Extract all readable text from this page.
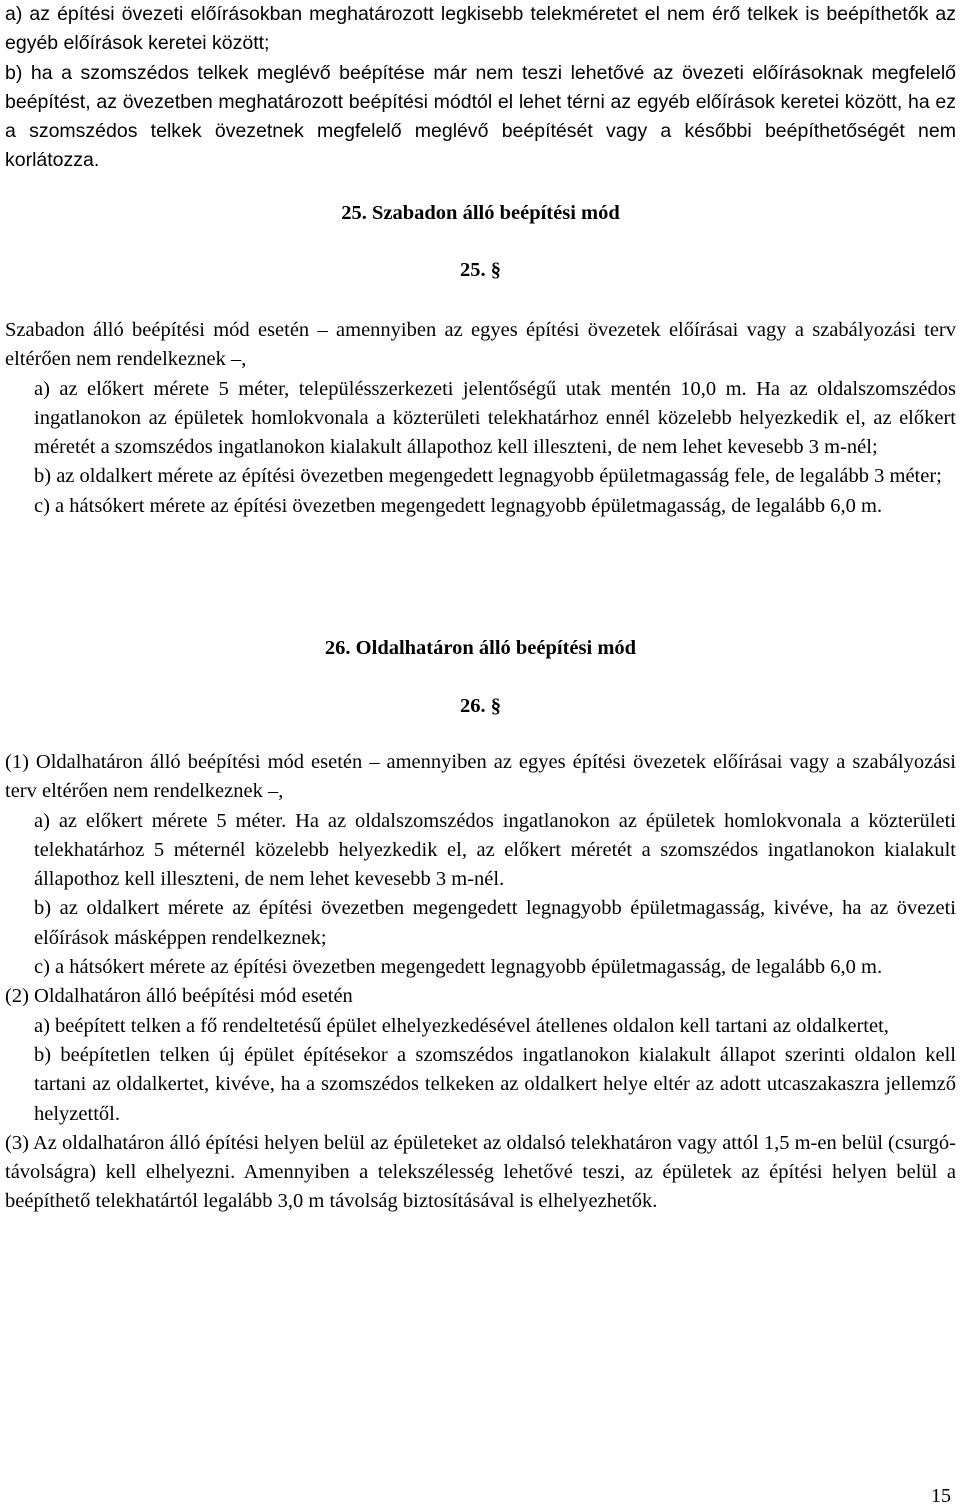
a) az építési övezeti előírásokban meghatározott legkisebb telekméretet el nem érő telkek is beépíthetők az egyéb előírások keretei között;

b) ha a szomszédos telkek meglévő beépítése már nem teszi lehetővé az övezeti előírásoknak megfelelő beépítést, az övezetben meghatározott beépítési módtól el lehet térni az egyéb előírások keretei között, ha ez a szomszédos telkek övezetnek megfelelő meglévő beépítését vagy a későbbi beépíthetőségét nem korlátozza.

25. Szabadon álló beépítési mód

25. §

Szabadon álló beépítési mód esetén – amennyiben az egyes építési övezetek előírásai vagy a szabályozási terv eltérően nem rendelkeznek –,

a) az előkert mérete 5 méter, településszerkezeti jelentőségű utak mentén 10,0 m. Ha az oldalszomszédos ingatlanokon az épületek homlokvonala a közterületi telekhatárhoz ennél közelebb helyezkedik el, az előkert méretét a szomszédos ingatlanokon kialakult állapothoz kell illeszteni, de nem lehet kevesebb 3 m-nél;

b) az oldalkert mérete az építési övezetben megengedett legnagyobb épületmagasság fele, de legalább 3 méter;

c) a hátsókert mérete az építési övezetben megengedett legnagyobb épületmagasság, de legalább 6,0 m.

26. Oldalhatáron álló beépítési mód

26. §

(1) Oldalhatáron álló beépítési mód esetén – amennyiben az egyes építési övezetek előírásai vagy a szabályozási terv eltérően nem rendelkeznek –,

a) az előkert mérete 5 méter. Ha az oldalszomszédos ingatlanokon az épületek homlokvonala a közterületi telekhatárhoz 5 méternél közelebb helyezkedik el, az előkert méretét a szomszédos ingatlanokon kialakult állapothoz kell illeszteni, de nem lehet kevesebb 3 m-nél.

b) az oldalkert mérete az építési övezetben megengedett legnagyobb épületmagasság, kivéve, ha az övezeti előírások másképpen rendelkeznek;

c) a hátsókert mérete az építési övezetben megengedett legnagyobb épületmagasság, de legalább 6,0 m.

(2) Oldalhatáron álló beépítési mód esetén

a) beépített telken a fő rendeltetésű épület elhelyezkedésével átellenes oldalon kell tartani az oldalkertet,

b) beépítetlen telken új épület építésekor a szomszédos ingatlanokon kialakult állapot szerinti oldalon kell tartani az oldalkertet, kivéve, ha a szomszédos telkeken az oldalkert helye eltér az adott utcaszakaszra jellemző helyzettől.

(3) Az oldalhatáron álló építési helyen belül az épületeket az oldalsó telekhatáron vagy attól 1,5 m-en belül (csurgó-távolságra) kell elhelyezni. Amennyiben a telekszélesség lehetővé teszi, az épületek az építési helyen belül a beépíthető telekhatártól legalább 3,0 m távolság biztosításával is elhelyezhetők.

15
